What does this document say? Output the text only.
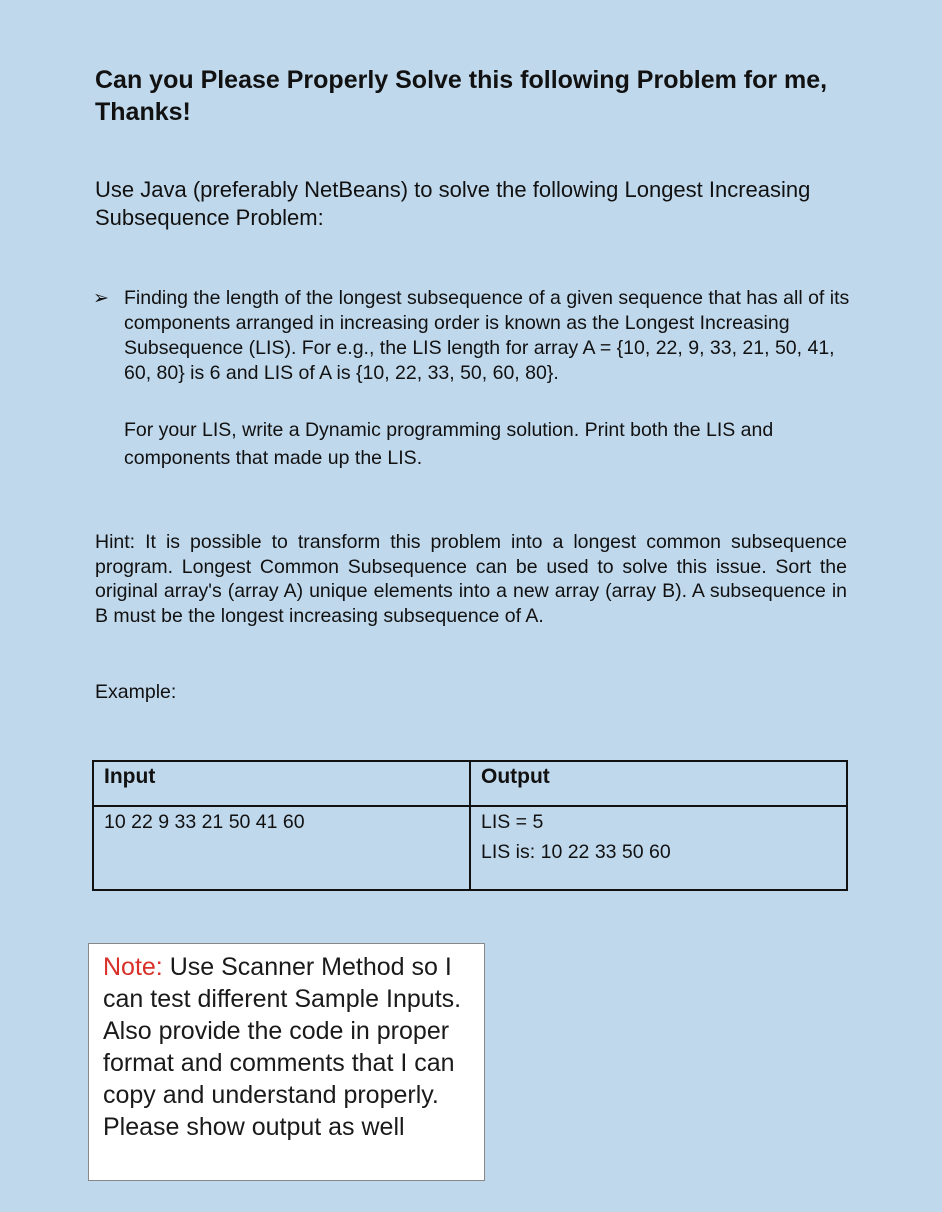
Can you Please Properly Solve this following Problem for me, Thanks!

Use Java (preferably NetBeans) to solve the following Longest Increasing Subsequence Problem:

➢ Finding the length of the longest subsequence of a given sequence that has all of its components arranged in increasing order is known as the Longest Increasing Subsequence (LIS). For e.g., the LIS length for array A = {10, 22, 9, 33, 21, 50, 41, 60, 80} is 6 and LIS of A is {10, 22, 33, 50, 60, 80}.

For your LIS, write a Dynamic programming solution. Print both the LIS and components that made up the LIS.

Hint: It is possible to transform this problem into a longest common subsequence program. Longest Common Subsequence can be used to solve this issue. Sort the original array's (array A) unique elements into a new array (array B). A subsequence in B must be the longest increasing subsequence of A.

Example:
Input	Output
10 22 9 33 21 50 41 60	LIS = 5
LIS is: 10 22 33 50 60
Note: Use Scanner Method so I can test different Sample Inputs. Also provide the code in proper format and comments that I can copy and understand properly. Please show output as well
